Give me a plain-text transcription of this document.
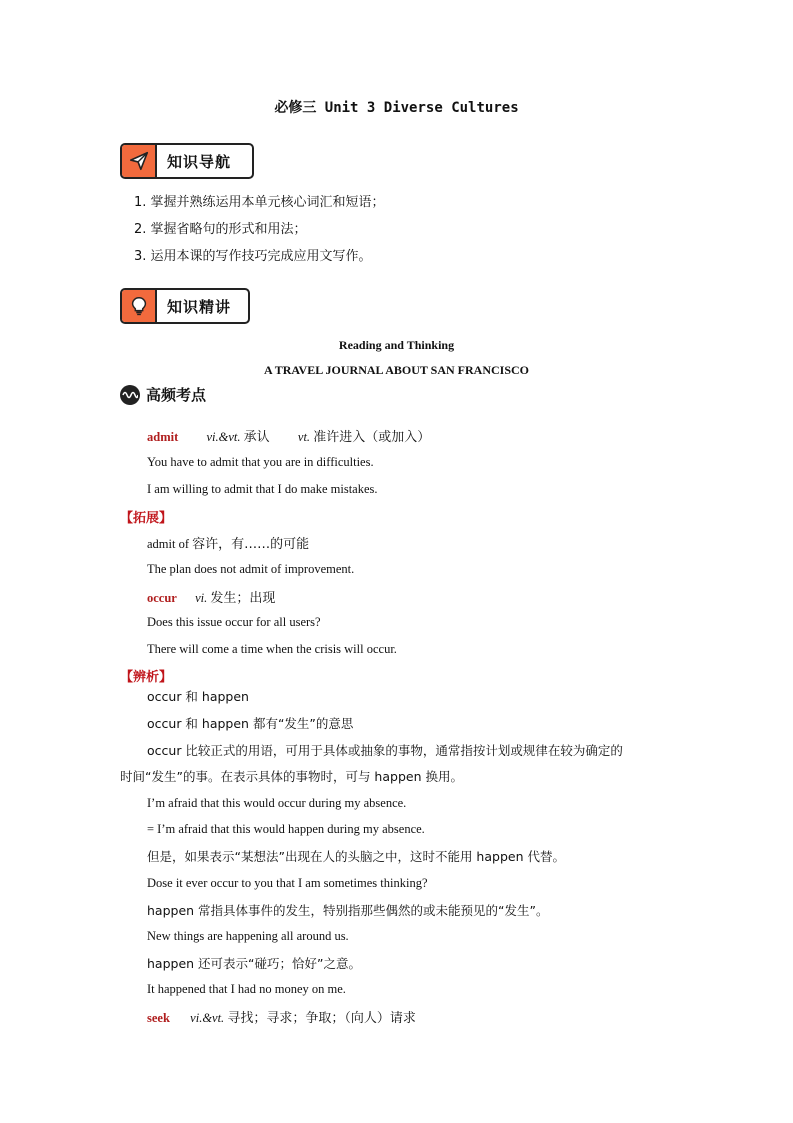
必修三 Unit 3 Diverse Cultures
知识导航
1. 掌握并熟练运用本单元核心词汇和短语；
2. 掌握省略句的形式和用法；
3. 运用本课的写作技巧完成应用文写作。
知识精讲
Reading and Thinking
A TRAVEL JOURNAL ABOUT SAN FRANCISCO
高频考点
admit vi.&vt. 承认 vt. 准许进入（或加入）
You have to admit that you are in difficulties.
I am willing to admit that I do make mistakes.
【拓展】
admit of 容许，有……的可能
The plan does not admit of improvement.
occur vi. 发生；出现
Does this issue occur for all users?
There will come a time when the crisis will occur.
【辨析】
occur 和 happen
occur 和 happen 都有“发生”的意思
occur 比较正式的用语，可用于具体或抽象的事物，通常指按计划或规律在较为确定的
时间“发生”的事。在表示具体的事物时，可与 happen 换用。
I’m afraid that this would occur during my absence.
= I’m afraid that this would happen during my absence.
但是，如果表示“某想法”出现在人的头脑之中，这时不能用 happen 代替。
Dose it ever occur to you that I am sometimes thinking?
happen 常指具体事件的发生，特别指那些偶然的或未能预见的“发生”。
New things are happening all around us.
happen 还可表示“碰巧；恰好”之意。
It happened that I had no money on me.
seek vi.&vt. 寻找；寻求；争取；（向人）请求
